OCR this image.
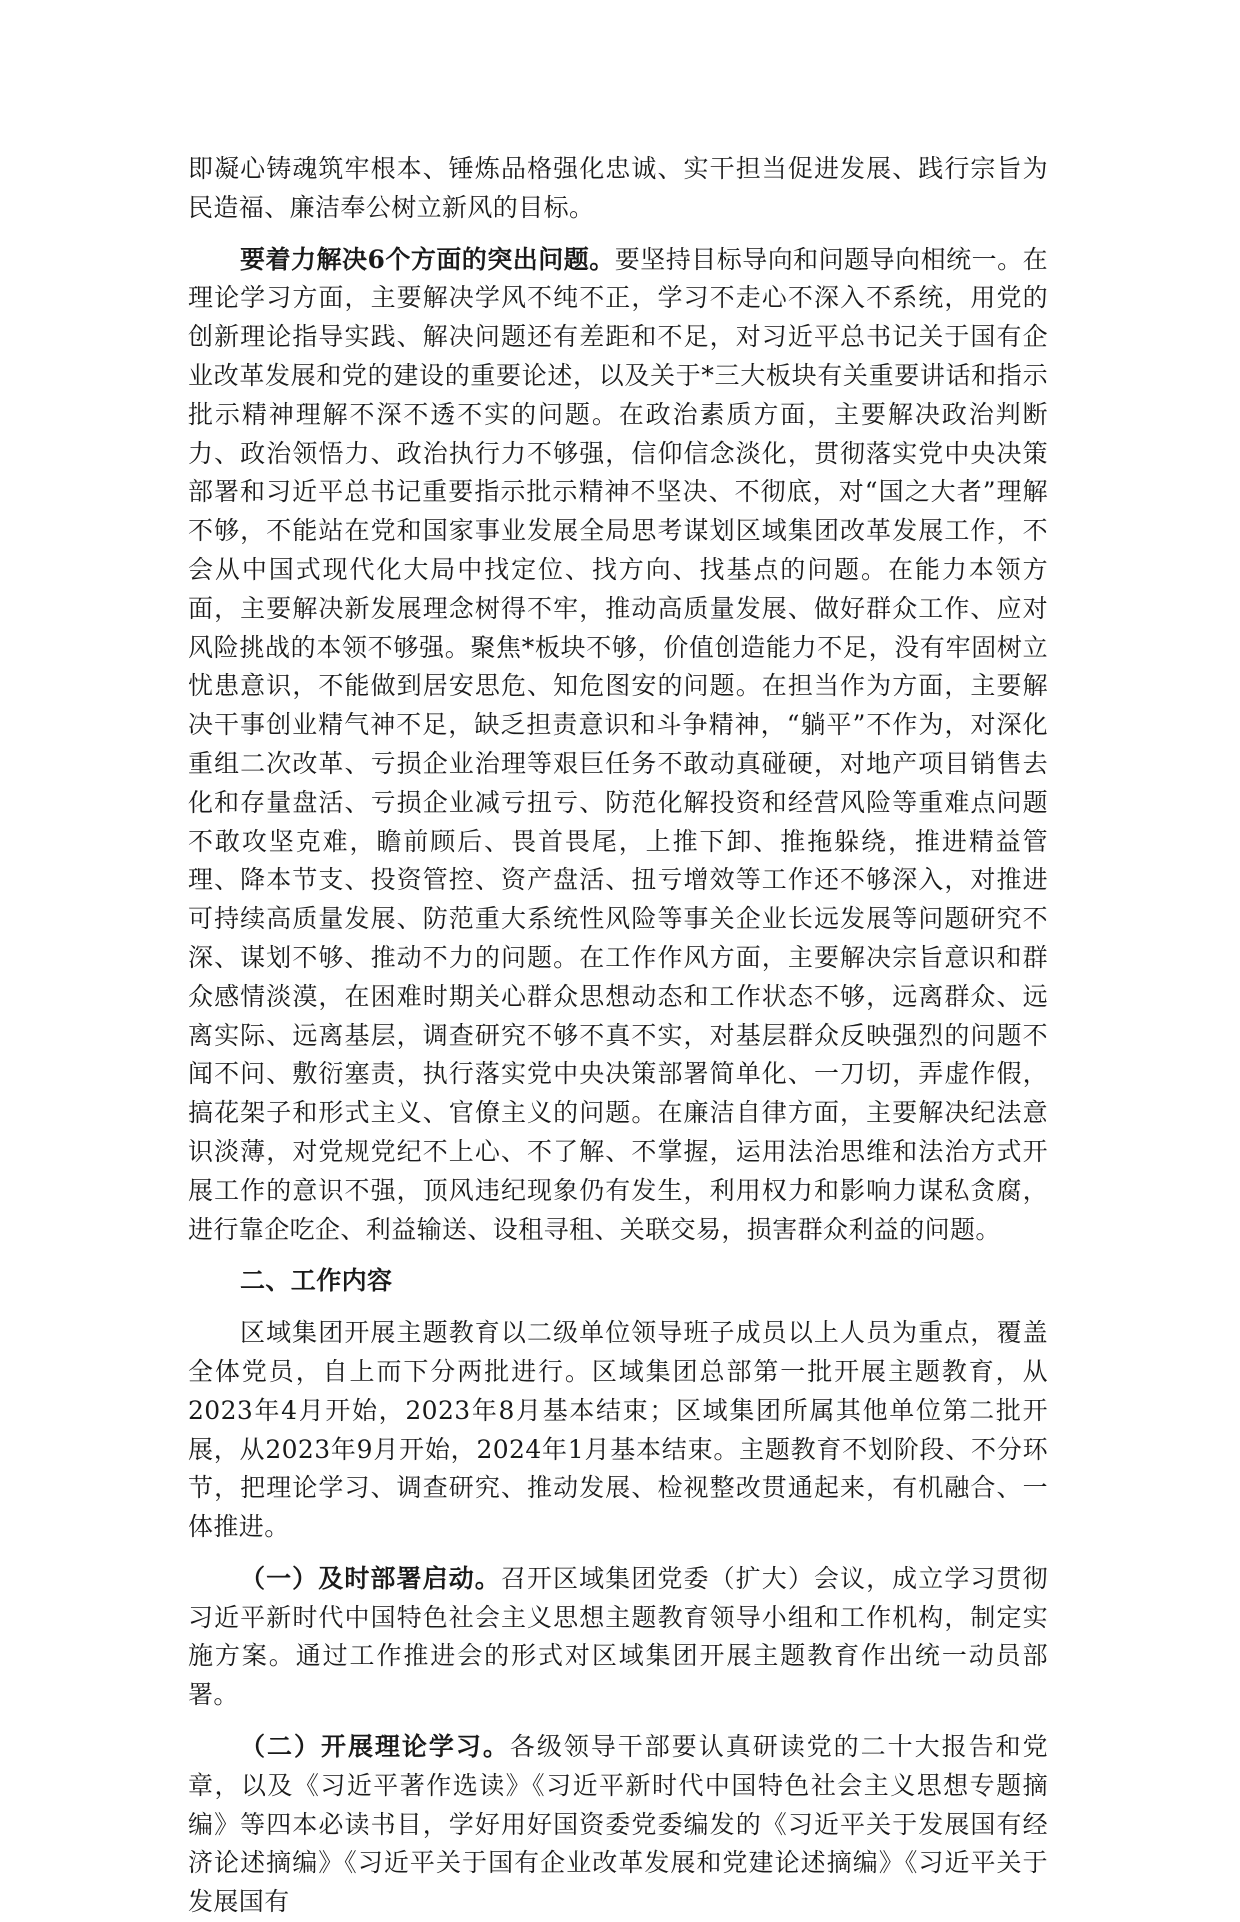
即凝心铸魂筑牢根本、锤炼品格强化忠诚、实干担当促进发展、践行宗旨为民造福、廉洁奉公树立新风的目标。

要着力解决6个方面的突出问题。要坚持目标导向和问题导向相统一。在理论学习方面，主要解决学风不纯不正，学习不走心不深入不系统，用党的创新理论指导实践、解决问题还有差距和不足，对习近平总书记关于国有企业改革发展和党的建设的重要论述，以及关于*三大板块有关重要讲话和指示批示精神理解不深不透不实的问题。在政治素质方面，主要解决政治判断力、政治领悟力、政治执行力不够强，信仰信念淡化，贯彻落实党中央决策部署和习近平总书记重要指示批示精神不坚决、不彻底，对“国之大者”理解不够，不能站在党和国家事业发展全局思考谋划区域集团改革发展工作，不会从中国式现代化大局中找定位、找方向、找基点的问题。在能力本领方面，主要解决新发展理念树得不牢，推动高质量发展、做好群众工作、应对风险挑战的本领不够强。聚焦*板块不够，价值创造能力不足，没有牢固树立忧患意识，不能做到居安思危、知危图安的问题。在担当作为方面，主要解决干事创业精气神不足，缺乏担责意识和斗争精神，“躺平”不作为，对深化重组二次改革、亏损企业治理等艰巨任务不敢动真碰硬，对地产项目销售去化和存量盘活、亏损企业减亏扭亏、防范化解投资和经营风险等重难点问题不敢攻坚克难，瞻前顾后、畏首畏尾，上推下卸、推拖躲绕，推进精益管理、降本节支、投资管控、资产盘活、扭亏增效等工作还不够深入，对推进可持续高质量发展、防范重大系统性风险等事关企业长远发展等问题研究不深、谋划不够、推动不力的问题。在工作作风方面，主要解决宗旨意识和群众感情淡漠，在困难时期关心群众思想动态和工作状态不够，远离群众、远离实际、远离基层，调查研究不够不真不实，对基层群众反映强烈的问题不闻不问、敷衍塞责，执行落实党中央决策部署简单化、一刀切，弄虚作假，搞花架子和形式主义、官僚主义的问题。在廉洁自律方面，主要解决纪法意识淡薄，对党规党纪不上心、不了解、不掌握，运用法治思维和法治方式开展工作的意识不强，顶风违纪现象仍有发生，利用权力和影响力谋私贪腐，进行靠企吃企、利益输送、设租寻租、关联交易，损害群众利益的问题。

二、工作内容

区域集团开展主题教育以二级单位领导班子成员以上人员为重点，覆盖全体党员，自上而下分两批进行。区域集团总部第一批开展主题教育，从2023年4月开始，2023年8月基本结束；区域集团所属其他单位第二批开展，从2023年9月开始，2024年1月基本结束。主题教育不划阶段、不分环节，把理论学习、调查研究、推动发展、检视整改贯通起来，有机融合、一体推进。

（一）及时部署启动。召开区域集团党委（扩大）会议，成立学习贯彻习近平新时代中国特色社会主义思想主题教育领导小组和工作机构，制定实施方案。通过工作推进会的形式对区域集团开展主题教育作出统一动员部署。

（二）开展理论学习。各级领导干部要认真研读党的二十大报告和党章，以及《习近平著作选读》《习近平新时代中国特色社会主义思想专题摘编》等四本必读书目，学好用好国资委党委编发的《习近平关于发展国有经济论述摘编》《习近平关于国有企业改革发展和党建论述摘编》《习近平关于发展国有
